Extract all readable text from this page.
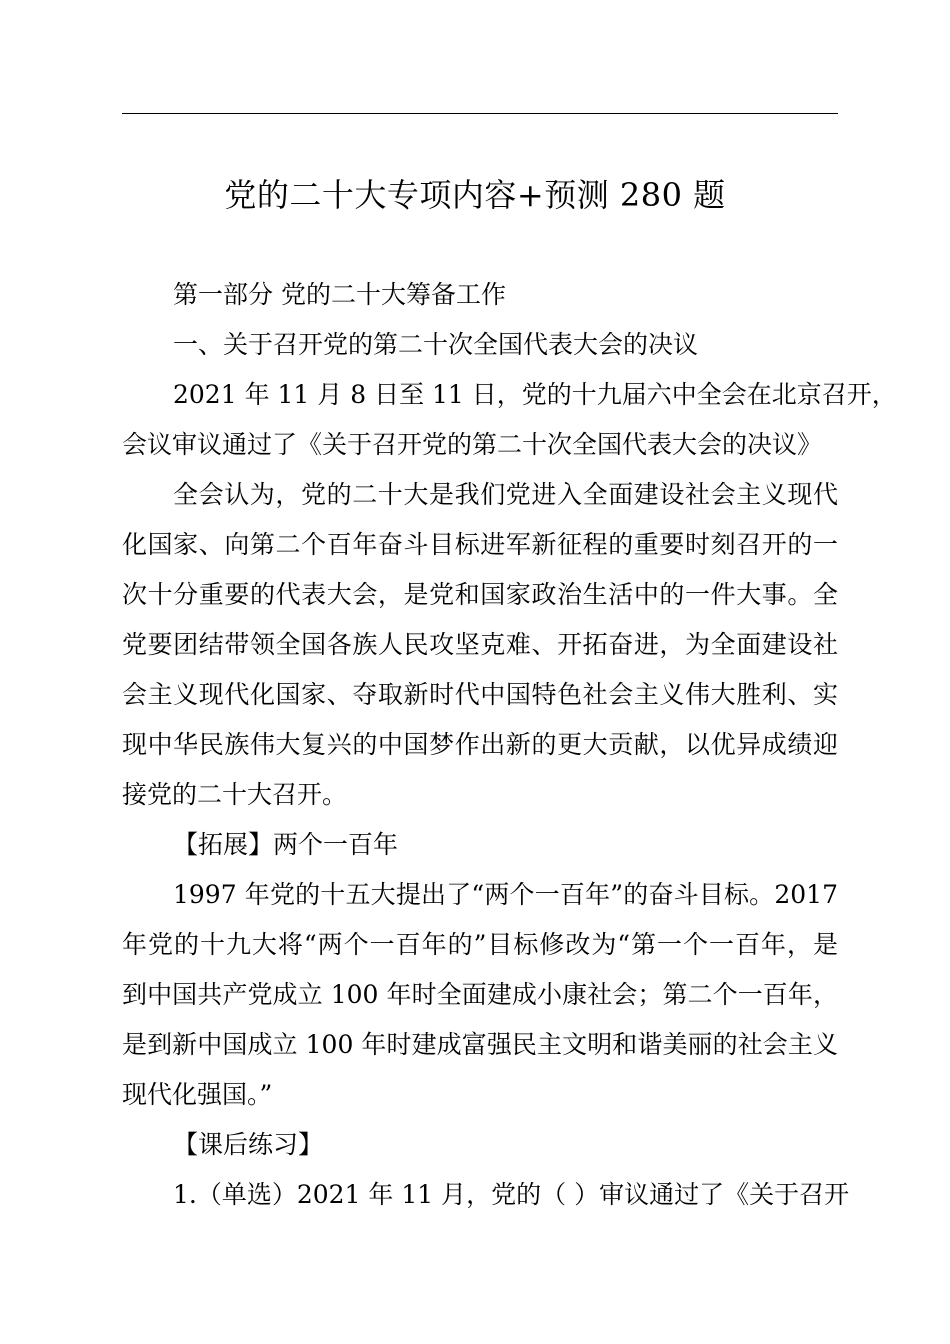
党的二十大专项内容+预测 280 题
第一部分 党的二十大筹备工作
一、关于召开党的第二十次全国代表大会的决议
2021 年 11 月 8 日至 11 日，党的十九届六中全会在北京召开，
会议审议通过了《关于召开党的第二十次全国代表大会的决议》
全会认为，党的二十大是我们党进入全面建设社会主义现代
化国家、向第二个百年奋斗目标进军新征程的重要时刻召开的一
次十分重要的代表大会，是党和国家政治生活中的一件大事。全
党要团结带领全国各族人民攻坚克难、开拓奋进，为全面建设社
会主义现代化国家、夺取新时代中国特色社会主义伟大胜利、实
现中华民族伟大复兴的中国梦作出新的更大贡献，以优异成绩迎
接党的二十大召开。
【拓展】两个一百年
1997 年党的十五大提出了“两个一百年”的奋斗目标。2017
年党的十九大将“两个一百年的”目标修改为“第一个一百年，是
到中国共产党成立 100 年时全面建成小康社会；第二个一百年，
是到新中国成立 100 年时建成富强民主文明和谐美丽的社会主义
现代化强国。”
【课后练习】
1.（单选）2021 年 11 月，党的（ ）审议通过了《关于召开
